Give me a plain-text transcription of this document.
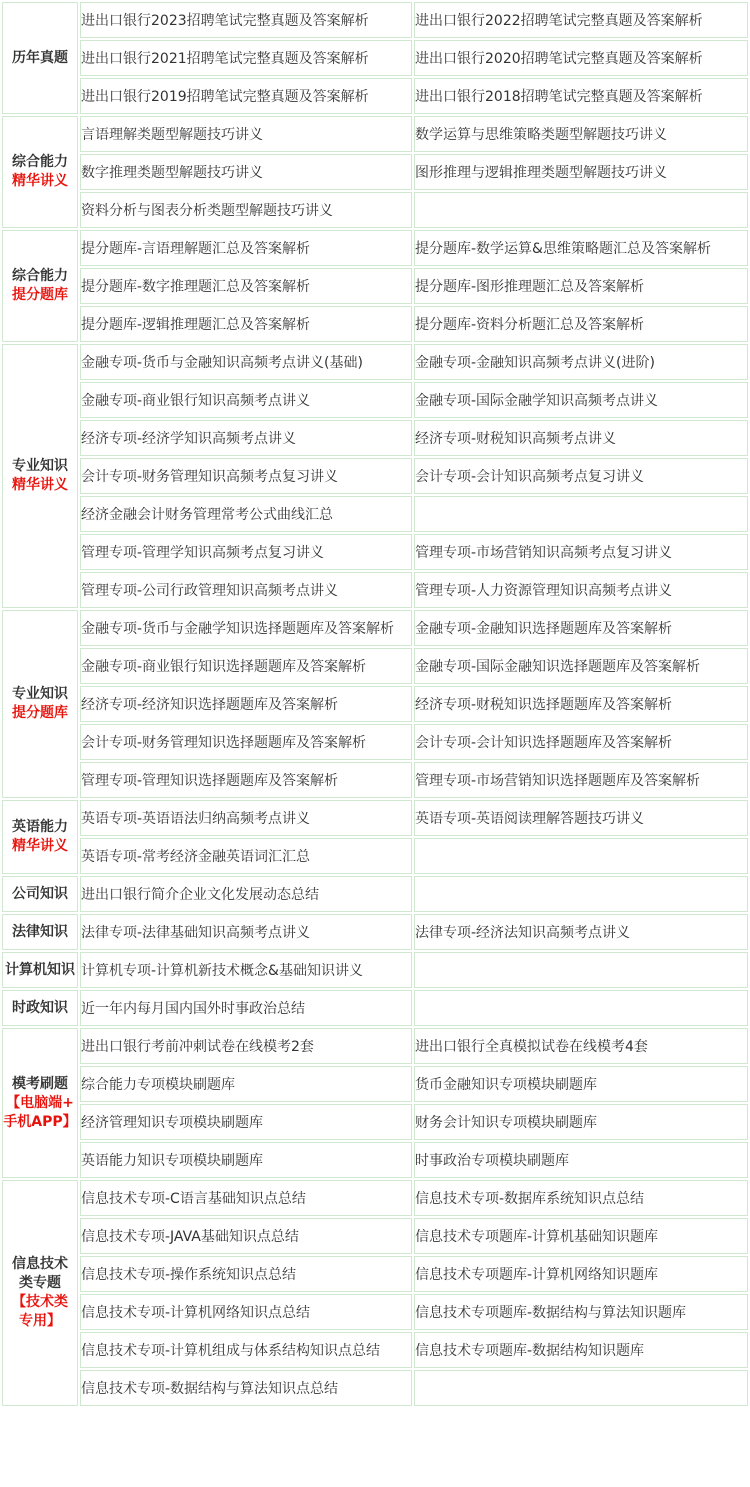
历年真题	进出口银行2023招聘笔试完整真题及答案解析	进出口银行2022招聘笔试完整真题及答案解析
	进出口银行2021招聘笔试完整真题及答案解析	进出口银行2020招聘笔试完整真题及答案解析
	进出口银行2019招聘笔试完整真题及答案解析	进出口银行2018招聘笔试完整真题及答案解析

综合能力
精华讲义	言语理解类题型解题技巧讲义	数学运算与思维策略类题型解题技巧讲义
	数字推理类题型解题技巧讲义	图形推理与逻辑推理类题型解题技巧讲义
	资料分析与图表分析类题型解题技巧讲义	

综合能力
提分题库	提分题库-言语理解题汇总及答案解析	提分题库-数学运算&思维策略题汇总及答案解析
	提分题库-数字推理题汇总及答案解析	提分题库-图形推理题汇总及答案解析
	提分题库-逻辑推理题汇总及答案解析	提分题库-资料分析题汇总及答案解析

专业知识
精华讲义	金融专项-货币与金融知识高频考点讲义(基础)	金融专项-金融知识高频考点讲义(进阶)
	金融专项-商业银行知识高频考点讲义	金融专项-国际金融学知识高频考点讲义
	经济专项-经济学知识高频考点讲义	经济专项-财税知识高频考点讲义
	会计专项-财务管理知识高频考点复习讲义	会计专项-会计知识高频考点复习讲义
	经济金融会计财务管理常考公式曲线汇总	
	管理专项-管理学知识高频考点复习讲义	管理专项-市场营销知识高频考点复习讲义
	管理专项-公司行政管理知识高频考点讲义	管理专项-人力资源管理知识高频考点讲义

专业知识
提分题库	金融专项-货币与金融学知识选择题题库及答案解析	金融专项-金融知识选择题题库及答案解析
	金融专项-商业银行知识选择题题库及答案解析	金融专项-国际金融知识选择题题库及答案解析
	经济专项-经济知识选择题题库及答案解析	经济专项-财税知识选择题题库及答案解析
	会计专项-财务管理知识选择题题库及答案解析	会计专项-会计知识选择题题库及答案解析
	管理专项-管理知识选择题题库及答案解析	管理专项-市场营销知识选择题题库及答案解析

英语能力
精华讲义	英语专项-英语语法归纳高频考点讲义	英语专项-英语阅读理解答题技巧讲义
	英语专项-常考经济金融英语词汇汇总	

公司知识	进出口银行简介企业文化发展动态总结	

法律知识	法律专项-法律基础知识高频考点讲义	法律专项-经济法知识高频考点讲义

计算机知识	计算机专项-计算机新技术概念&基础知识讲义	

时政知识	近一年内每月国内国外时事政治总结	

模考刷题
【电脑端+
手机APP】	进出口银行考前冲刺试卷在线模考2套	进出口银行全真模拟试卷在线模考4套
	综合能力专项模块刷题库	货币金融知识专项模块刷题库
	经济管理知识专项模块刷题库	财务会计知识专项模块刷题库
	英语能力知识专项模块刷题库	时事政治专项模块刷题库

信息技术
类专题
【技术类
专用】	信息技术专项-C语言基础知识点总结	信息技术专项-数据库系统知识点总结
	信息技术专项-JAVA基础知识点总结	信息技术专项题库-计算机基础知识题库
	信息技术专项-操作系统知识点总结	信息技术专项题库-计算机网络知识题库
	信息技术专项-计算机网络知识点总结	信息技术专项题库-数据结构与算法知识题库
	信息技术专项-计算机组成与体系结构知识点总结	信息技术专项题库-数据结构知识题库
	信息技术专项-数据结构与算法知识点总结	
